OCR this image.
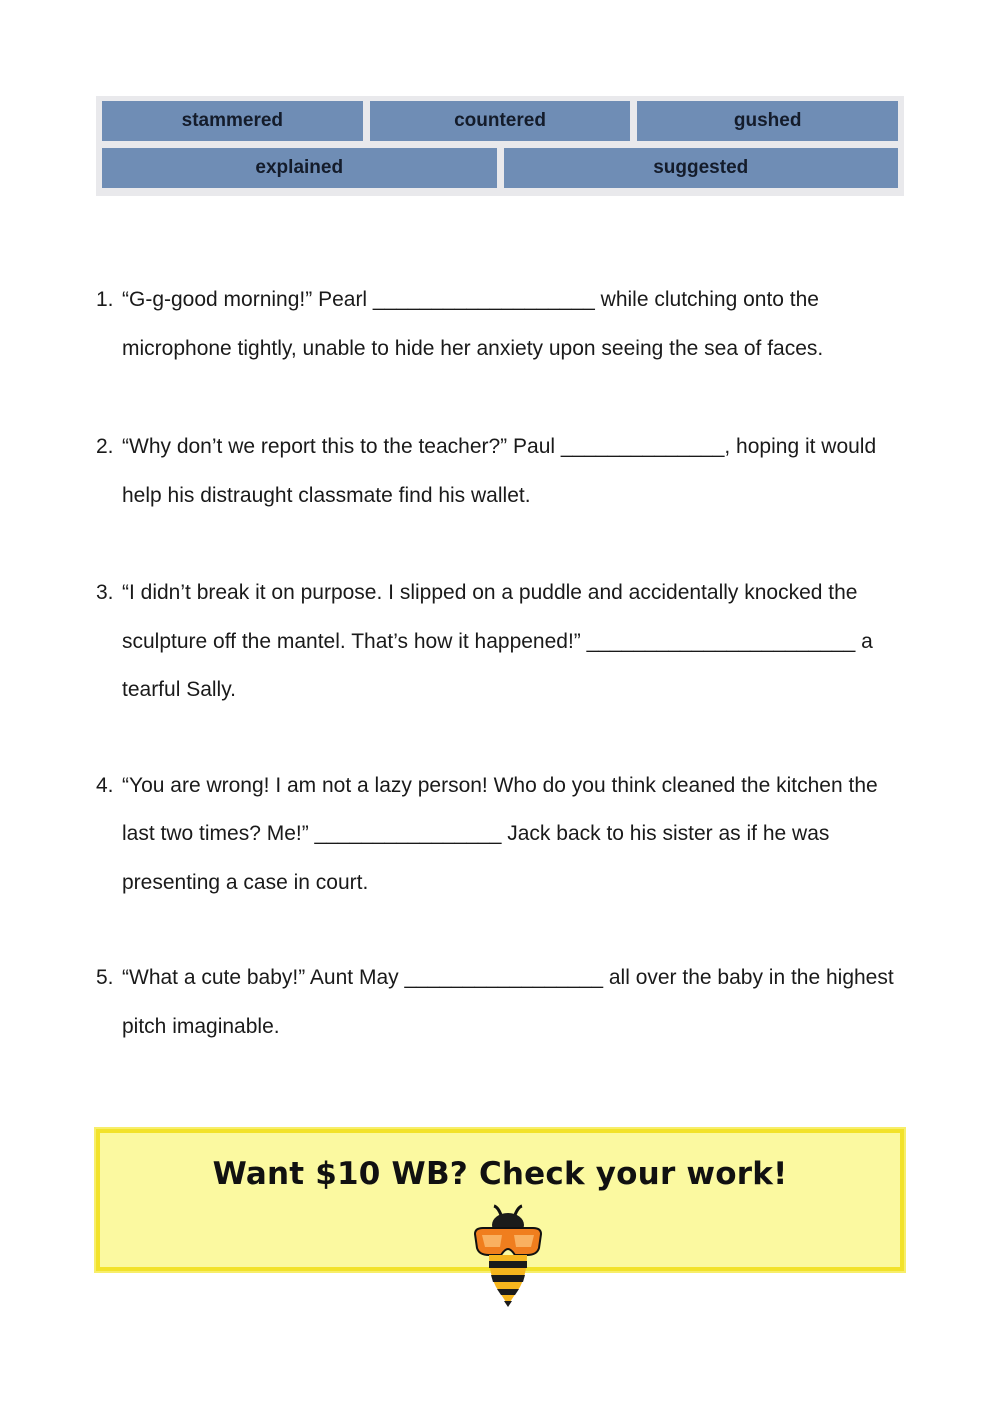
stammered	countered	gushed
explained	suggested
1. “G-g-good morning!” Pearl ___________________ while clutching onto the microphone tightly, unable to hide her anxiety upon seeing the sea of faces.
2. “Why don’t we report this to the teacher?” Paul ______________, hoping it would help his distraught classmate find his wallet.
3. “I didn’t break it on purpose. I slipped on a puddle and accidentally knocked the sculpture off the mantel. That’s how it happened!” _______________________ a tearful Sally.
4. “You are wrong! I am not a lazy person! Who do you think cleaned the kitchen the last two times? Me!” ________________ Jack back to his sister as if he was presenting a case in court.
5. “What a cute baby!” Aunt May _________________ all over the baby in the highest pitch imaginable.
Want $10 WB? Check your work!
